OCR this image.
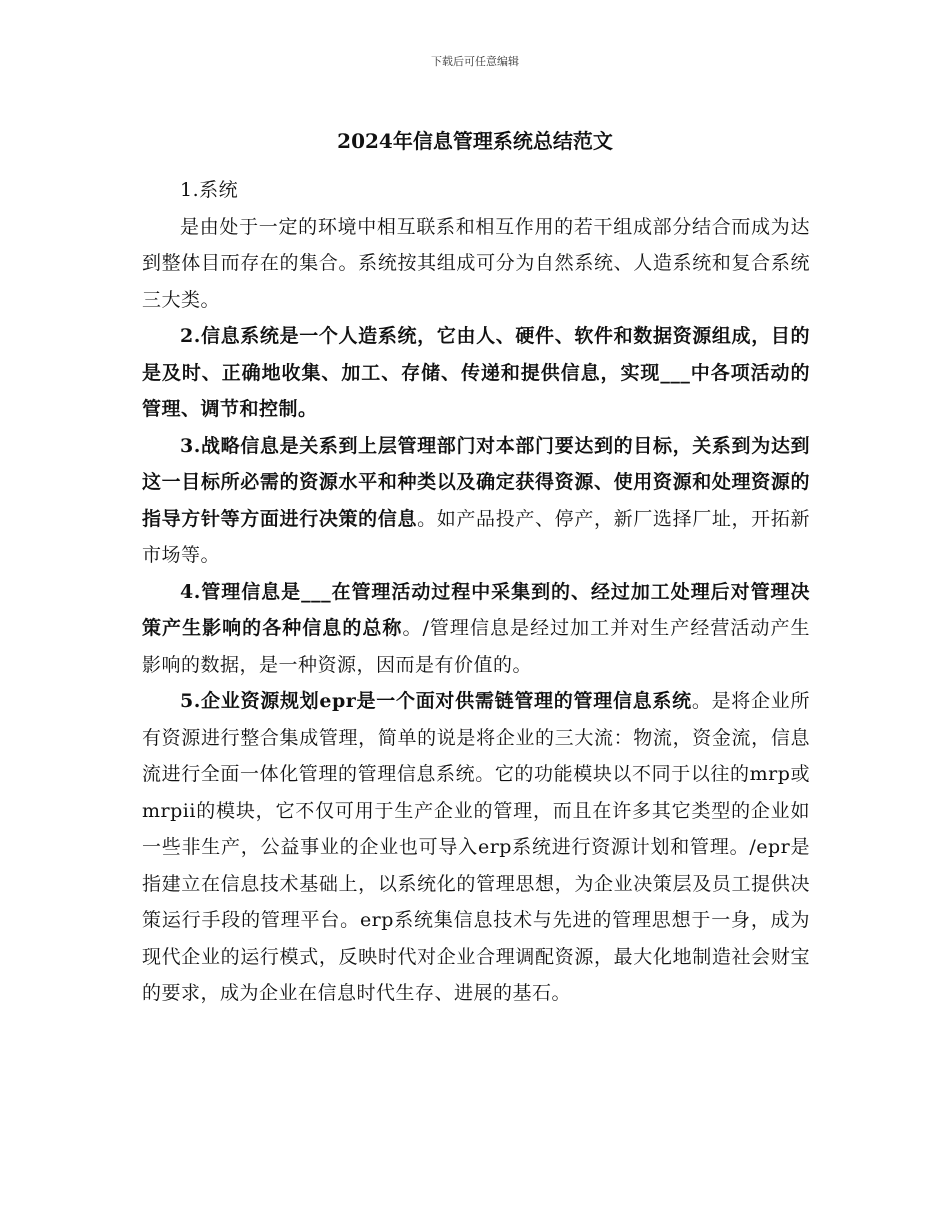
下载后可任意编辑
2024年信息管理系统总结范文

1.系统

是由处于一定的环境中相互联系和相互作用的若干组成部分结合而成为达到整体目而存在的集合。系统按其组成可分为自然系统、人造系统和复合系统三大类。

2.信息系统是一个人造系统，它由人、硬件、软件和数据资源组成，目的是及时、正确地收集、加工、存储、传递和提供信息，实现___中各项活动的管理、调节和控制。

3.战略信息是关系到上层管理部门对本部门要达到的目标，关系到为达到这一目标所必需的资源水平和种类以及确定获得资源、使用资源和处理资源的指导方针等方面进行决策的信息。如产品投产、停产，新厂选择厂址，开拓新市场等。

4.管理信息是___在管理活动过程中采集到的、经过加工处理后对管理决策产生影响的各种信息的总称。/管理信息是经过加工并对生产经营活动产生影响的数据，是一种资源，因而是有价值的。

5.企业资源规划epr是一个面对供需链管理的管理信息系统。是将企业所有资源进行整合集成管理，简单的说是将企业的三大流：物流，资金流，信息流进行全面一体化管理的管理信息系统。它的功能模块以不同于以往的mrp或mrpii的模块，它不仅可用于生产企业的管理，而且在许多其它类型的企业如一些非生产，公益事业的企业也可导入erp系统进行资源计划和管理。/epr是指建立在信息技术基础上，以系统化的管理思想，为企业决策层及员工提供决策运行手段的管理平台。erp系统集信息技术与先进的管理思想于一身，成为现代企业的运行模式，反映时代对企业合理调配资源，最大化地制造社会财宝的要求，成为企业在信息时代生存、进展的基石。
